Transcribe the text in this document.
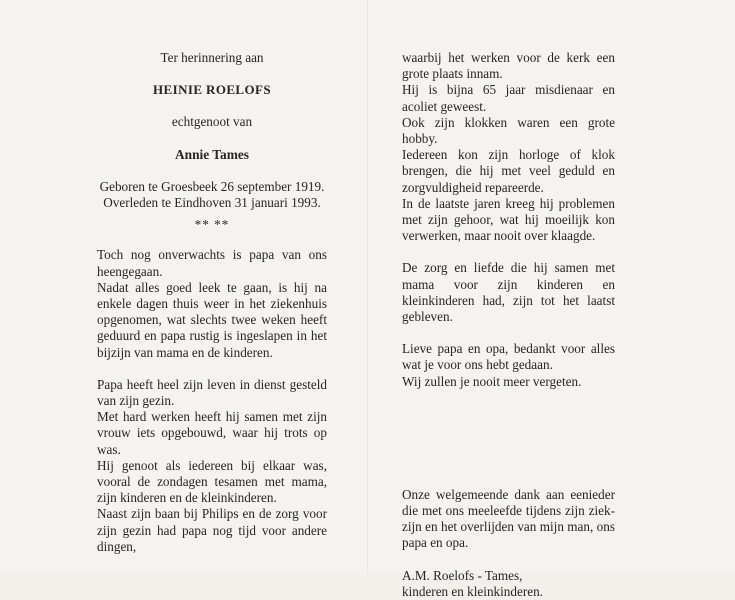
Ter herinnering aan
HEINIE ROELOFS
echtgenoot van
Annie Tames
Geboren te Groesbeek 26 september 1919.
Overleden te Eindhoven 31 januari 1993.
** **

Toch nog onverwachts is papa van ons heengegaan.

Nadat alles goed leek te gaan, is hij na enkele dagen thuis weer in het ziekenhuis opgenomen, wat slechts twee weken heeft geduurd en papa rustig is ingeslapen in het bijzijn van mama en de kinderen.

Papa heeft heel zijn leven in dienst gesteld van zijn gezin.

Met hard werken heeft hij samen met zijn vrouw iets opgebouwd, waar hij trots op was.

Hij genoot als iedereen bij elkaar was, vooral de zondagen tesamen met mama, zijn kinderen en de kleinkinderen.

Naast zijn baan bij Philips en de zorg voor zijn gezin had papa nog tijd voor andere dingen,

waarbij het werken voor de kerk een grote plaats innam.

Hij is bijna 65 jaar misdienaar en acoliet geweest.

Ook zijn klokken waren een grote hobby.

Iedereen kon zijn horloge of klok brengen, die hij met veel geduld en zorgvuldigheid repareerde.

In de laatste jaren kreeg hij problemen met zijn gehoor, wat hij moeilijk kon verwerken, maar nooit over klaagde.

De zorg en liefde die hij samen met mama voor zijn kinderen en kleinkinderen had, zijn tot het laatst gebleven.

Lieve papa en opa, bedankt voor alles wat je voor ons hebt gedaan.

Wij zullen je nooit meer vergeten.

Onze welgemeende dank aan eenieder die met ons meeleefde tijdens zijn ziek-zijn en het overlijden van mijn man, ons papa en opa.

A.M. Roelofs - Tames,
kinderen en kleinkinderen.
